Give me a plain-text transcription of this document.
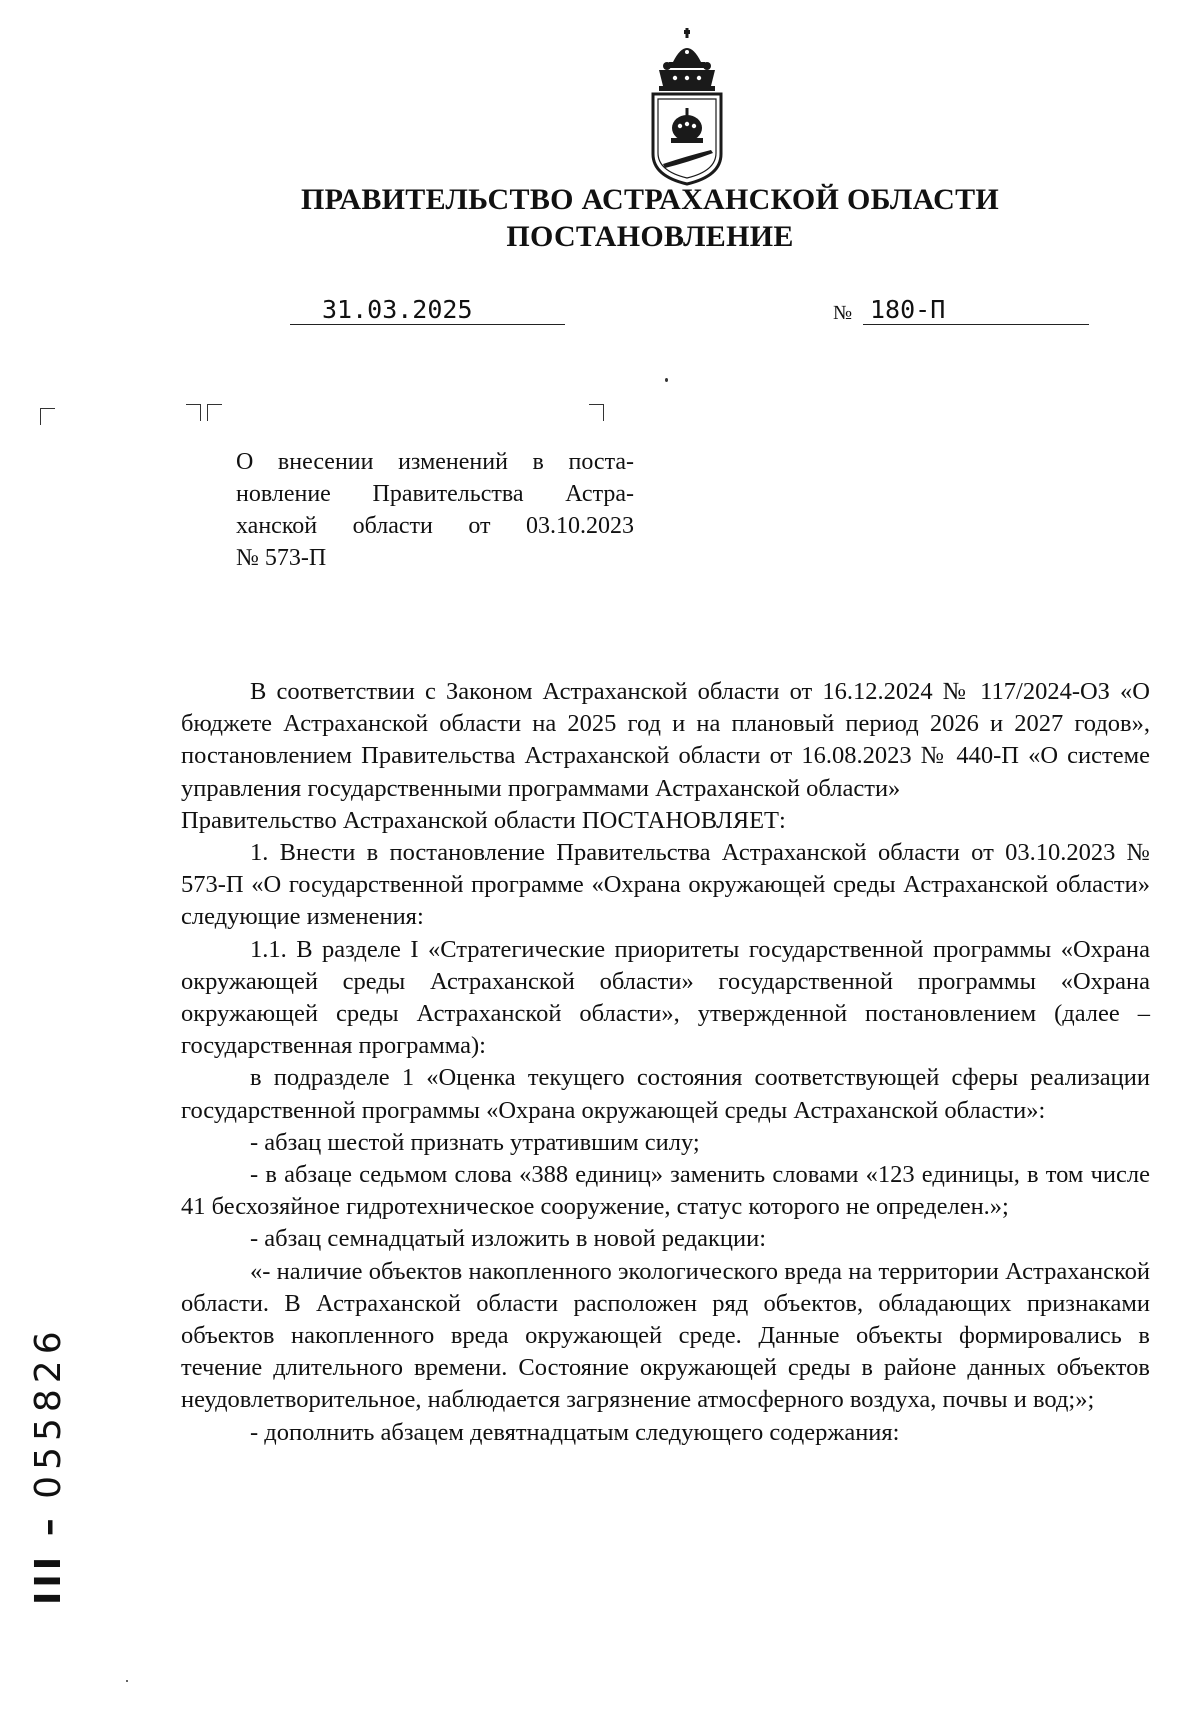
ПРАВИТЕЛЬСТВО АСТРАХАНСКОЙ ОБЛАСТИ
ПОСТАНОВЛЕНИЕ
31.03.2025	№ 180-П

О внесении изменений в поста-
новление Правительства Астра-
ханской области от 03.10.2023
№ 573-П

В соответствии с Законом Астраханской области от 16.12.2024 № 117/2024-ОЗ «О бюджете Астраханской области на 2025 год и на плановый период 2026 и 2027 годов», постановлением Правительства Астраханской области от 16.08.2023 № 440-П «О системе управления государственными программами Астраханской области»

Правительство Астраханской области ПОСТАНОВЛЯЕТ:

1. Внести в постановление Правительства Астраханской области от 03.10.2023 № 573-П «О государственной программе «Охрана окружающей среды Астраханской области» следующие изменения:

1.1. В разделе I «Стратегические приоритеты государственной программы «Охрана окружающей среды Астраханской области» государственной программы «Охрана окружающей среды Астраханской области», утвержденной постановлением (далее – государственная программа):

в подразделе 1 «Оценка текущего состояния соответствующей сферы реализации государственной программы «Охрана окружающей среды Астраханской области»:

- абзац шестой признать утратившим силу;

- в абзаце седьмом слова «388 единиц» заменить словами «123 единицы, в том числе 41 бесхозяйное гидротехническое сооружение, статус которого не определен.»;

- абзац семнадцатый изложить в новой редакции:

«- наличие объектов накопленного экологического вреда на территории Астраханской области. В Астраханской области расположен ряд объектов, обладающих признаками объектов накопленного вреда окружающей среде. Данные объекты формировались в течение длительного времени. Состояние окружающей среды в районе данных объектов неудовлетворительное, наблюдается загрязнение атмосферного воздуха, почвы и вод;»;

- дополнить абзацем девятнадцатым следующего содержания:

ІІІ – 055826
